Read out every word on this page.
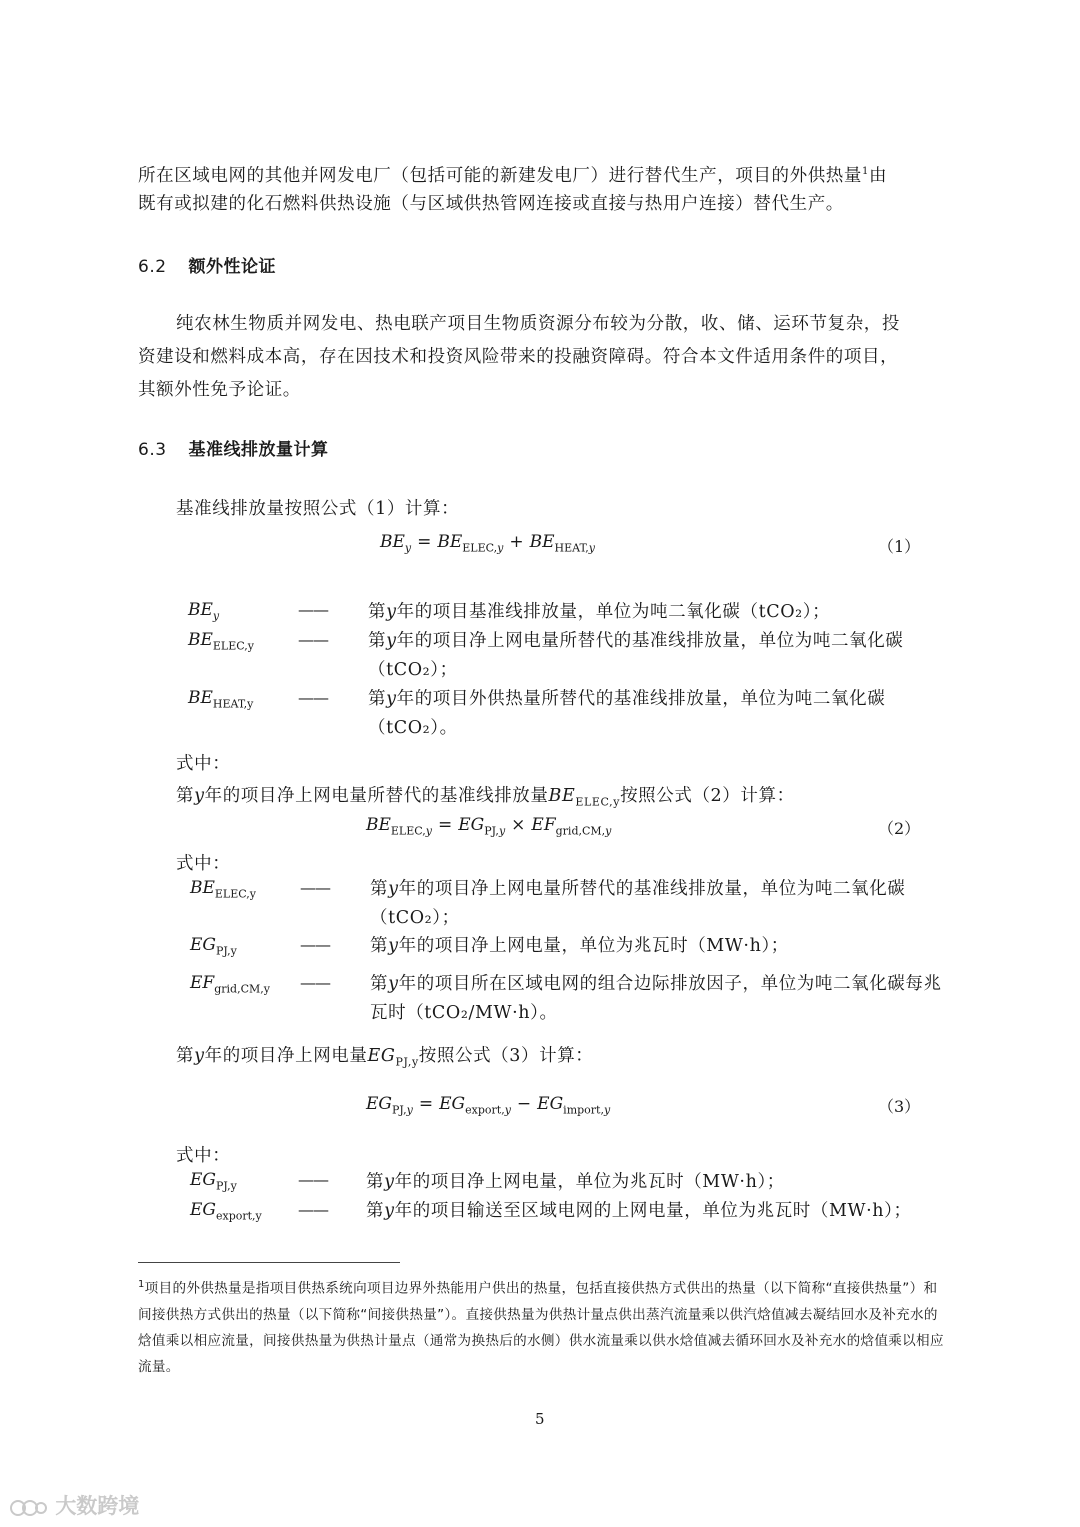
所在区域电网的其他并网发电厂（包括可能的新建发电厂）进行替代生产，项目的外供热量$^1$由
既有或拟建的化石燃料供热设施（与区域供热管网连接或直接与热用户连接）替代生产。
6.2 额外性论证
纯农林生物质并网发电、热电联产项目生物质资源分布较为分散，收、储、运环节复杂，投
资建设和燃料成本高，存在因技术和投资风险带来的投融资障碍。符合本文件适用条件的项目，
其额外性免予论证。
6.3 基准线排放量计算
基准线排放量按照公式（1）计算：
$BE_y = BE_{ELEC,y} + BE_{HEAT,y}$	（1）
$BE_y$	—— 第y年的项目基准线排放量，单位为吨二氧化碳（tCO₂）；
$BE_{ELEC,y}$	—— 第y年的项目净上网电量所替代的基准线排放量，单位为吨二氧化碳（tCO₂）；
$BE_{HEAT,y}$	—— 第y年的项目外供热量所替代的基准线排放量，单位为吨二氧化碳（tCO₂）。
式中：
第y年的项目净上网电量所替代的基准线排放量$BE_{ELEC,y}$按照公式（2）计算：
$BE_{ELEC,y} = EG_{PJ,y} \times EF_{grid,CM,y}$	（2）
式中：
$BE_{ELEC,y}$	—— 第y年的项目净上网电量所替代的基准线排放量，单位为吨二氧化碳（tCO₂）；
$EG_{PJ,y}$	—— 第y年的项目净上网电量，单位为兆瓦时（MW·h）；
$EF_{grid,CM,y}$ —— 第y年的项目所在区域电网的组合边际排放因子，单位为吨二氧化碳每兆瓦时（tCO₂/MW·h）。
第y年的项目净上网电量$EG_{PJ,y}$按照公式（3）计算：
$EG_{PJ,y} = EG_{export,y} - EG_{import,y}$	（3）
式中：
$EG_{PJ,y}$	—— 第y年的项目净上网电量，单位为兆瓦时（MW·h）；
$EG_{export,y}$ —— 第y年的项目输送至区域电网的上网电量，单位为兆瓦时（MW·h）；
$^1$项目的外供热量是指项目供热系统向项目边界外热能用户供出的热量，包括直接供热方式供出的热量（以下简称“直接供热量”）和间接供热方式供出的热量（以下简称“间接供热量”）。直接供热量为供热计量点供出蒸汽流量乘以供汽焓值减去凝结回水及补充水的焓值乘以相应流量，间接供热量为供热计量点（通常为换热后的水侧）供水流量乘以供水焓值减去循环回水及补充水的焓值乘以相应流量。
5
大数跨境
